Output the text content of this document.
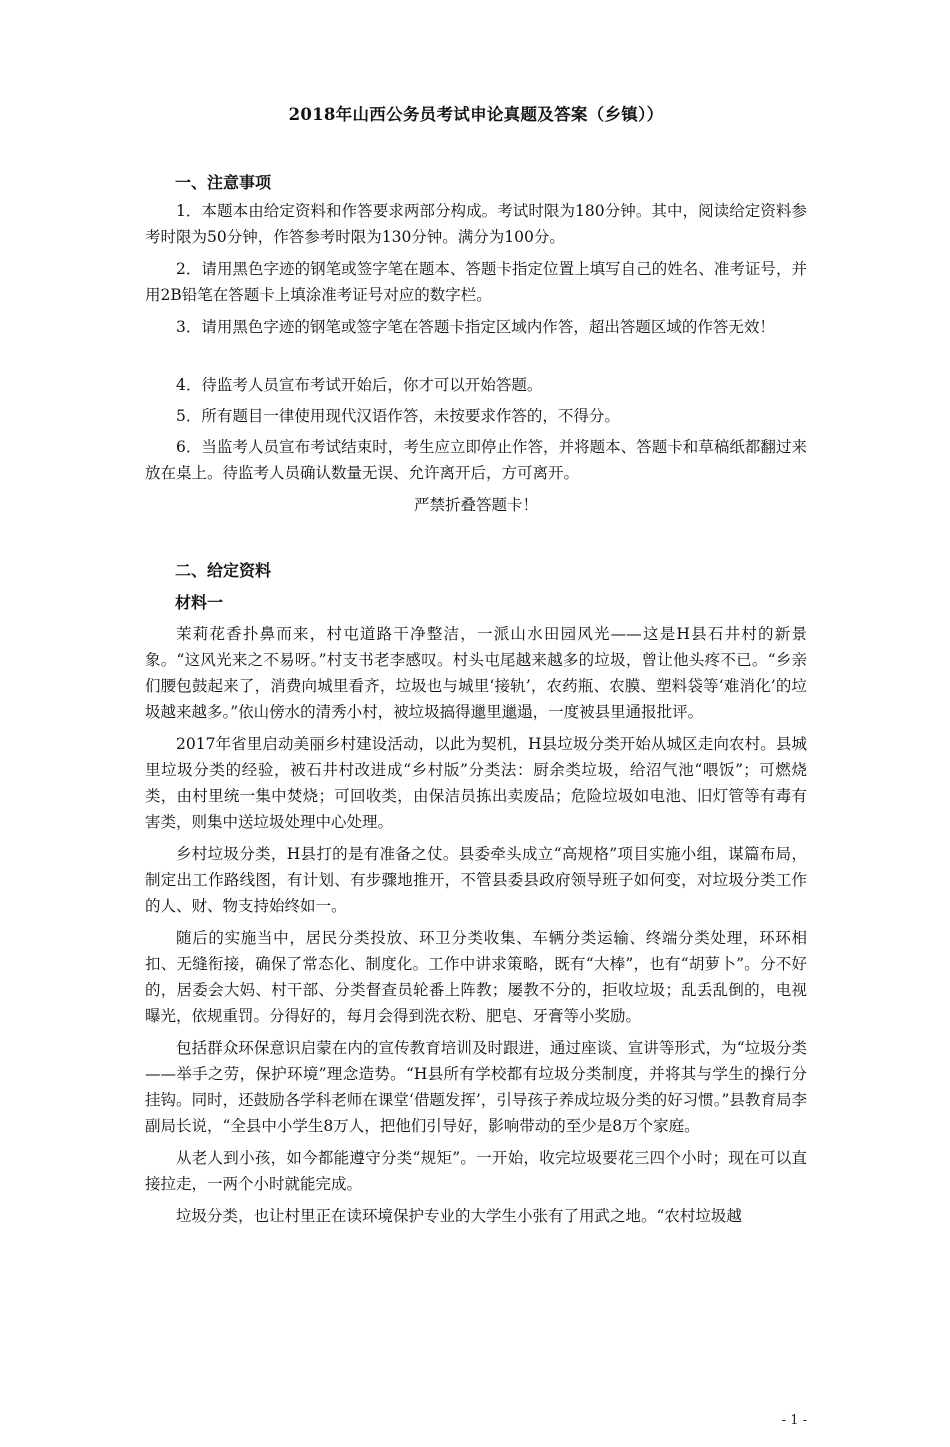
2018年山西公务员考试申论真题及答案（乡镇））
一、注意事项

1．本题本由给定资料和作答要求两部分构成。考试时限为180分钟。其中，阅读给定资料参考时限为50分钟，作答参考时限为130分钟。满分为100分。

2．请用黑色字迹的钢笔或签字笔在题本、答题卡指定位置上填写自己的姓名、准考证号，并用2B铅笔在答题卡上填涂准考证号对应的数字栏。

3．请用黑色字迹的钢笔或签字笔在答题卡指定区域内作答，超出答题区域的作答无效！

4．待监考人员宣布考试开始后，你才可以开始答题。

5．所有题目一律使用现代汉语作答，未按要求作答的，不得分。

6．当监考人员宣布考试结束时，考生应立即停止作答，并将题本、答题卡和草稿纸都翻过来放在桌上。待监考人员确认数量无误、允许离开后，方可离开。

严禁折叠答题卡！

二、给定资料
材料一

茉莉花香扑鼻而来，村屯道路干净整洁，一派山水田园风光——这是H县石井村的新景象。“这风光来之不易呀。”村支书老李感叹。村头屯尾越来越多的垃圾，曾让他头疼不已。“乡亲们腰包鼓起来了，消费向城里看齐，垃圾也与城里‘接轨’，农药瓶、农膜、塑料袋等‘难消化’的垃圾越来越多。”依山傍水的清秀小村，被垃圾搞得邋里邋遢，一度被县里通报批评。

2017年省里启动美丽乡村建设活动，以此为契机，H县垃圾分类开始从城区走向农村。县城里垃圾分类的经验，被石井村改进成“乡村版”分类法：厨余类垃圾，给沼气池“喂饭”；可燃烧类，由村里统一集中焚烧；可回收类，由保洁员拣出卖废品；危险垃圾如电池、旧灯管等有毒有害类，则集中送垃圾处理中心处理。

乡村垃圾分类，H县打的是有准备之仗。县委牵头成立“高规格”项目实施小组，谋篇布局，制定出工作路线图，有计划、有步骤地推开，不管县委县政府领导班子如何变，对垃圾分类工作的人、财、物支持始终如一。

随后的实施当中，居民分类投放、环卫分类收集、车辆分类运输、终端分类处理，环环相扣、无缝衔接，确保了常态化、制度化。工作中讲求策略，既有“大棒”，也有“胡萝卜”。分不好的，居委会大妈、村干部、分类督查员轮番上阵教；屡教不分的，拒收垃圾；乱丢乱倒的，电视曝光，依规重罚。分得好的，每月会得到洗衣粉、肥皂、牙膏等小奖励。

包括群众环保意识启蒙在内的宣传教育培训及时跟进，通过座谈、宣讲等形式，为“垃圾分类——举手之劳，保护环境”理念造势。“H县所有学校都有垃圾分类制度，并将其与学生的操行分挂钩。同时，还鼓励各学科老师在课堂‘借题发挥’，引导孩子养成垃圾分类的好习惯。”县教育局李副局长说，“全县中小学生8万人，把他们引导好，影响带动的至少是8万个家庭。

从老人到小孩，如今都能遵守分类“规矩”。一开始，收完垃圾要花三四个小时；现在可以直接拉走，一两个小时就能完成。

垃圾分类，也让村里正在读环境保护专业的大学生小张有了用武之地。“农村垃圾越

- 1 -
